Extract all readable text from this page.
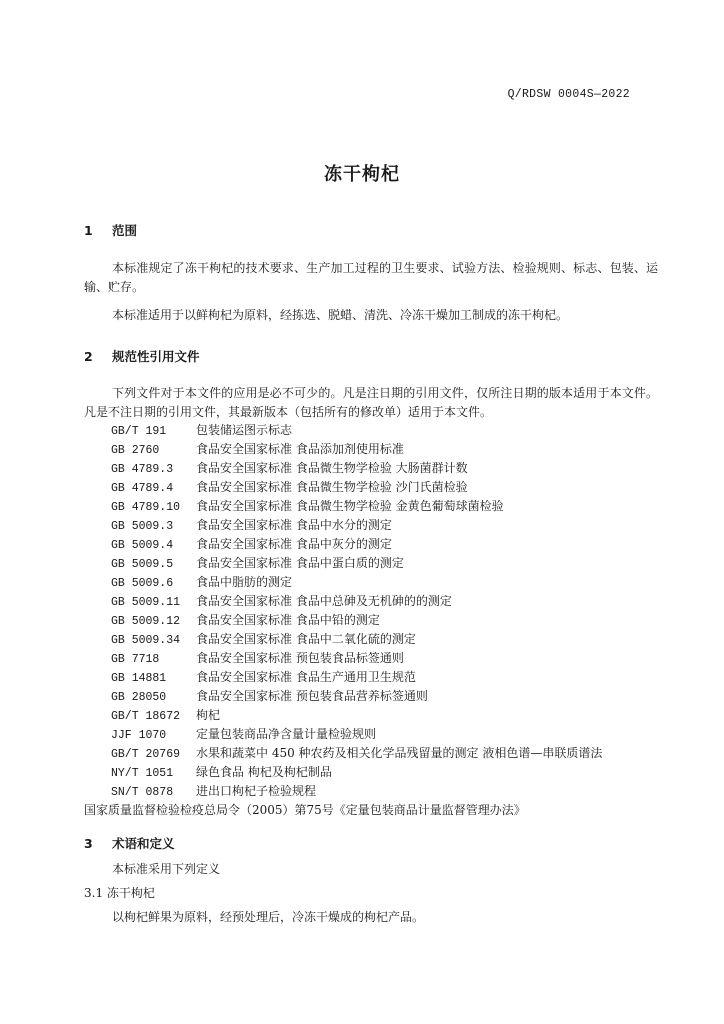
Q/RDSW 0004S—2022
冻干枸杞
1 范围
本标准规定了冻干枸杞的技术要求、生产加工过程的卫生要求、试验方法、检验规则、标志、包装、运输、贮存。
本标准适用于以鲜枸杞为原料，经拣选、脱蜡、清洗、冷冻干燥加工制成的冻干枸杞。
2 规范性引用文件
下列文件对于本文件的应用是必不可少的。凡是注日期的引用文件，仅所注日期的版本适用于本文件。凡是不注日期的引用文件，其最新版本（包括所有的修改单）适用于本文件。
GB/T 191 包装储运图示标志
GB 2760	食品安全国家标准 食品添加剂使用标准
GB 4789.3 食品安全国家标准 食品微生物学检验 大肠菌群计数
GB 4789.4 食品安全国家标准 食品微生物学检验 沙门氏菌检验
GB 4789.10 食品安全国家标准 食品微生物学检验 金黄色葡萄球菌检验
GB 5009.3 食品安全国家标准 食品中水分的测定
GB 5009.4 食品安全国家标准 食品中灰分的测定
GB 5009.5 食品安全国家标准 食品中蛋白质的测定
GB 5009.6 食品中脂肪的测定
GB 5009.11 食品安全国家标准 食品中总砷及无机砷的的测定
GB 5009.12 食品安全国家标准 食品中铅的测定
GB 5009.34 食品安全国家标准 食品中二氧化硫的测定
GB 7718	食品安全国家标准 预包装食品标签通则
GB 14881 食品安全国家标准 食品生产通用卫生规范
GB 28050 食品安全国家标准 预包装食品营养标签通则
GB/T 18672 枸杞
JJF 1070 定量包装商品净含量计量检验规则
GB/T 20769 水果和蔬菜中 450 种农药及相关化学品残留量的测定 液相色谱—串联质谱法
NY/T 1051 绿色食品 枸杞及枸杞制品
SN/T 0878 进出口枸杞子检验规程
国家质量监督检验检疫总局令（2005）第75号《定量包装商品计量监督管理办法》
3 术语和定义
本标准采用下列定义
3.1 冻干枸杞
以枸杞鲜果为原料，经预处理后，冷冻干燥成的枸杞产品。
